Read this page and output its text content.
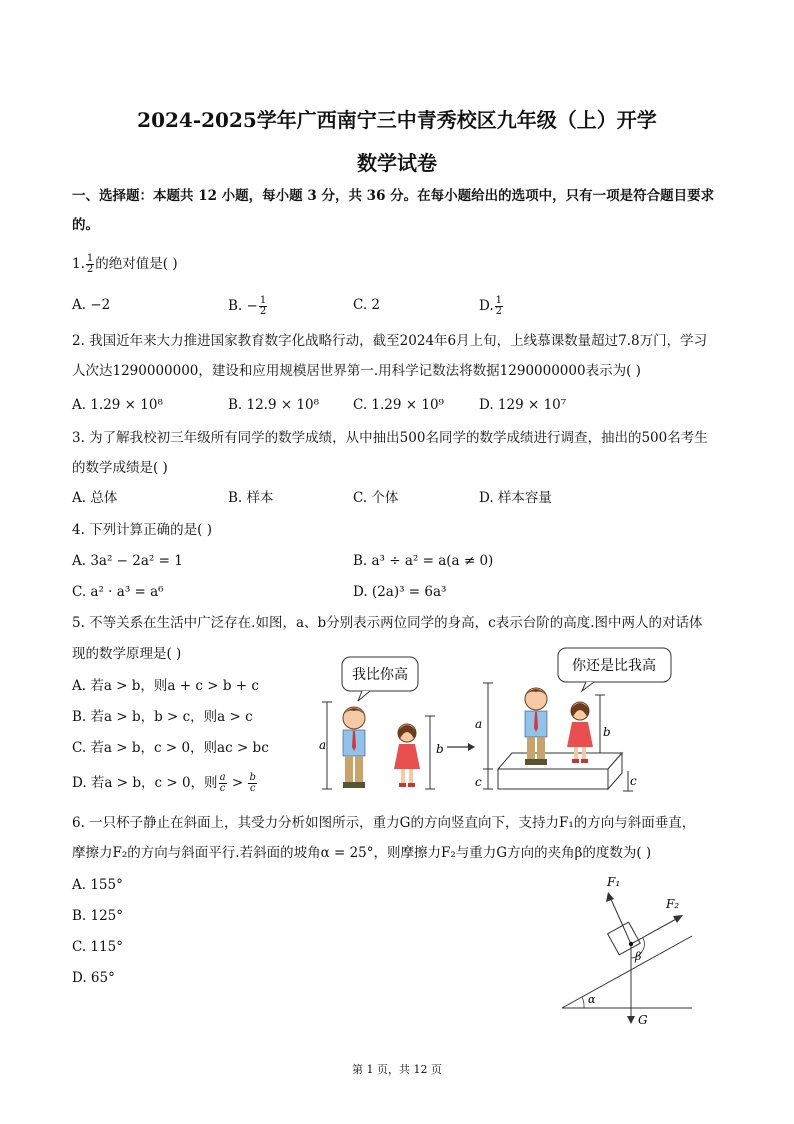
2024-2025学年广西南宁三中青秀校区九年级（上）开学
数学试卷
一、选择题：本题共 12 小题，每小题 3 分，共 36 分。在每小题给出的选项中，只有一项是符合题目要求
的。
1. $\frac{1}{2}$ 的绝对值是( )
A. −2	B. − $\frac{1}{2}$	C. 2	D. $\frac{1}{2}$
2. 我国近年来大力推进国家教育数字化战略行动，截至2024年6月上旬，上线慕课数量超过7.8万门，学习
人次达1290000000，建设和应用规模居世界第一.用科学记数法将数据1290000000表示为( )
A. 1.29 × 10⁸	B. 12.9 × 10⁸	C. 1.29 × 10⁹	D. 129 × 10⁷
3. 为了解我校初三年级所有同学的数学成绩，从中抽出500名同学的数学成绩进行调查，抽出的500名考生
的数学成绩是( )
A. 总体	B. 样本	C. 个体	D. 样本容量
4. 下列计算正确的是( )
A. 3a² − 2a² = 1	B. a³ ÷ a² = a(a ≠ 0)
C. a² · a³ = a⁶	D. (2a)³ = 6a³
5. 不等关系在生活中广泛存在.如图，a、b分别表示两位同学的身高，c表示台阶的高度.图中两人的对话体
现的数学原理是( )
A. 若a > b，则a + c > b + c
B. 若a > b，b > c，则a > c
C. 若a > b，c > 0，则ac > bc
D. 若a > b，c > 0，则 $\frac{a}{c} > \frac{b}{c}$
我比你高
a	b
你还是比我高
a
c
b
c
6. 一只杯子静止在斜面上，其受力分析如图所示，重力G的方向竖直向下，支持力F₁的方向与斜面垂直，
摩擦力F₂的方向与斜面平行.若斜面的坡角α = 25°，则摩擦力F₂与重力G方向的夹角β的度数为( )
A. 155°
B. 125°
C. 115°
D. 65°
α
F₁
F₂
G
β
第 1 页，共 12 页
